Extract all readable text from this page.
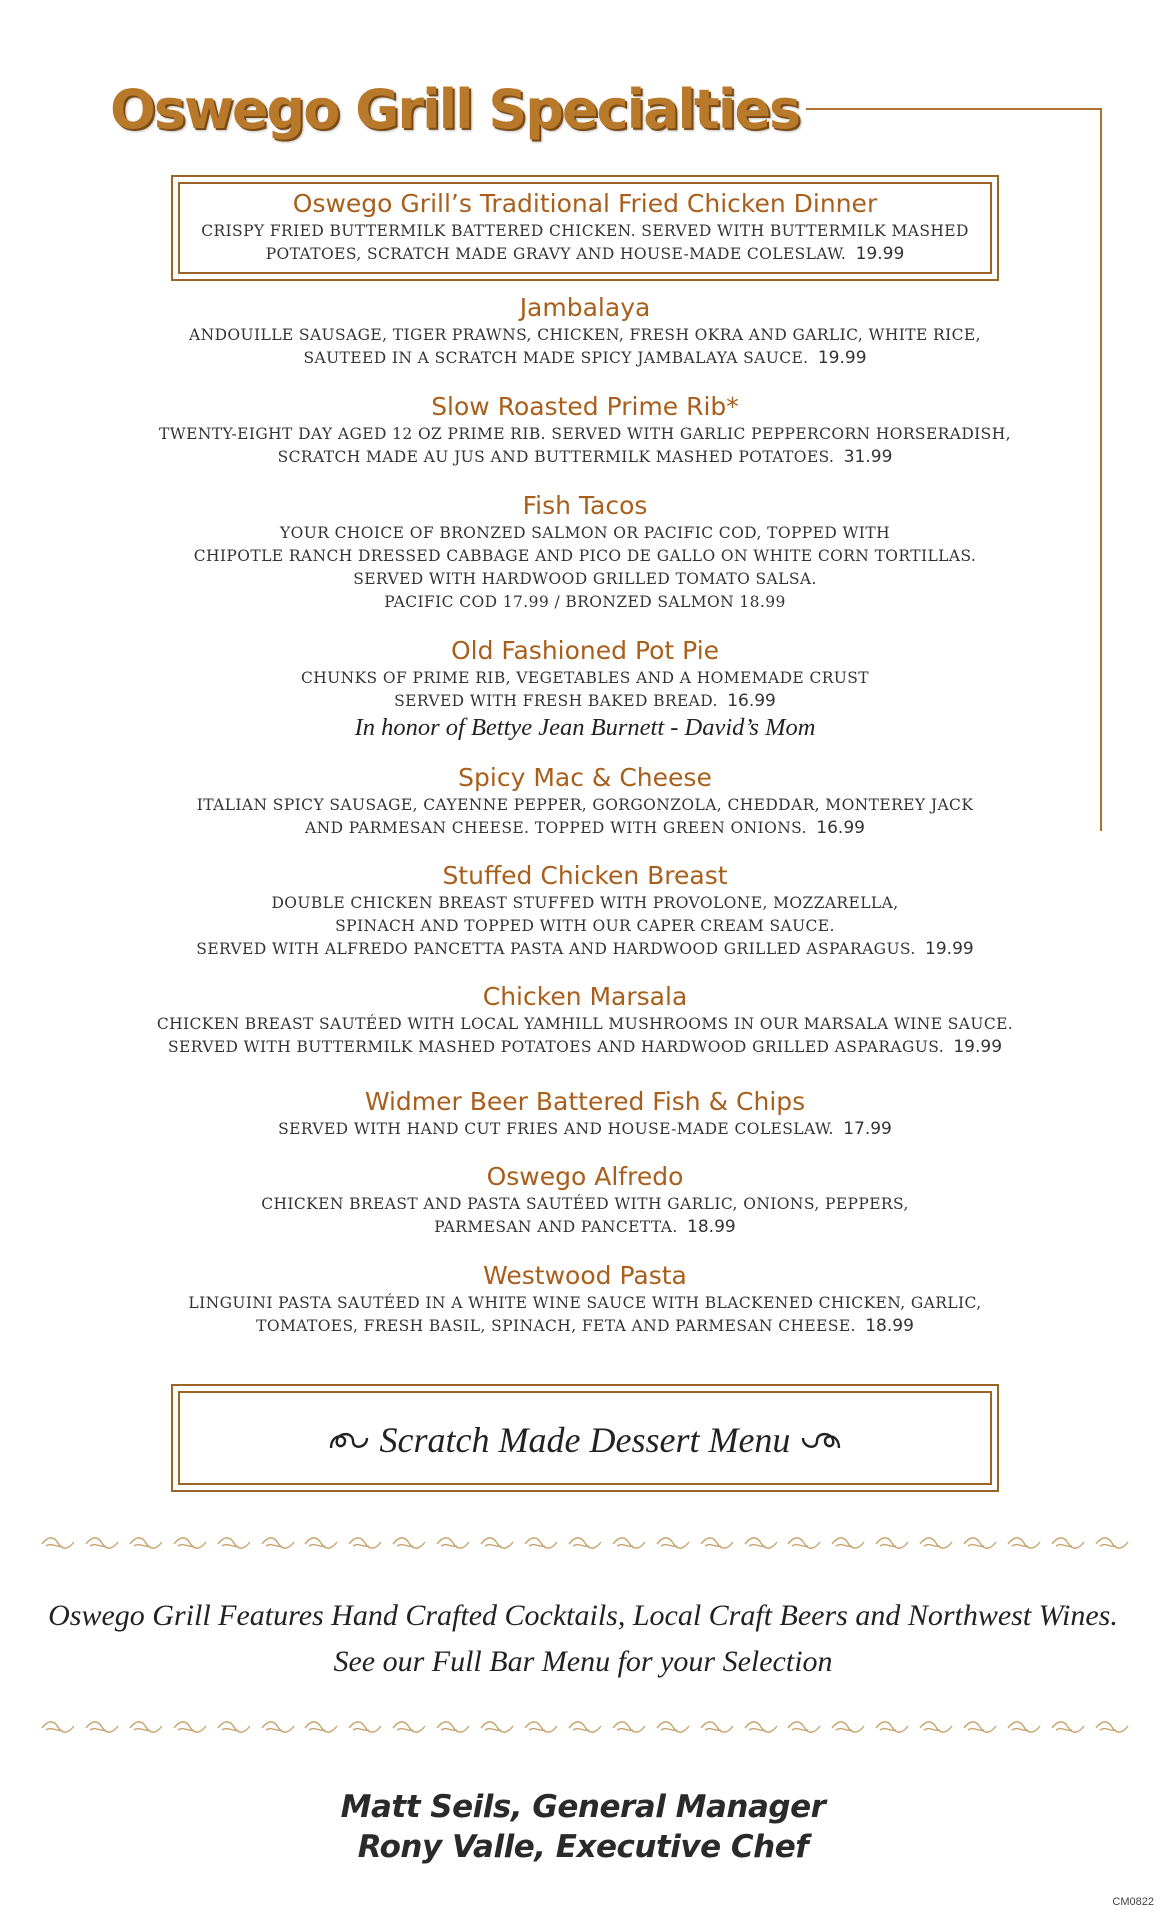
Oswego Grill Specialties
Oswego Grill’s Traditional Fried Chicken Dinner
CRISPY FRIED BUTTERMILK BATTERED CHICKEN. SERVED WITH BUTTERMILK MASHED
POTATOES, SCRATCH MADE GRAVY AND HOUSE-MADE COLESLAW. 19.99
Jambalaya
ANDOUILLE SAUSAGE, TIGER PRAWNS, CHICKEN, FRESH OKRA AND GARLIC, WHITE RICE,
SAUTEED IN A SCRATCH MADE SPICY JAMBALAYA SAUCE. 19.99
Slow Roasted Prime Rib*
TWENTY-EIGHT DAY AGED 12 OZ PRIME RIB. SERVED WITH GARLIC PEPPERCORN HORSERADISH,
SCRATCH MADE AU JUS AND BUTTERMILK MASHED POTATOES. 31.99
Fish Tacos
YOUR CHOICE OF BRONZED SALMON OR PACIFIC COD, TOPPED WITH
CHIPOTLE RANCH DRESSED CABBAGE AND PICO DE GALLO ON WHITE CORN TORTILLAS.
SERVED WITH HARDWOOD GRILLED TOMATO SALSA.
PACIFIC COD 17.99 / BRONZED SALMON 18.99
Old Fashioned Pot Pie
CHUNKS OF PRIME RIB, VEGETABLES AND A HOMEMADE CRUST
SERVED WITH FRESH BAKED BREAD. 16.99
In honor of Bettye Jean Burnett - David’s Mom
Spicy Mac & Cheese
ITALIAN SPICY SAUSAGE, CAYENNE PEPPER, GORGONZOLA, CHEDDAR, MONTEREY JACK
AND PARMESAN CHEESE. TOPPED WITH GREEN ONIONS. 16.99
Stuffed Chicken Breast
DOUBLE CHICKEN BREAST STUFFED WITH PROVOLONE, MOZZARELLA,
SPINACH AND TOPPED WITH OUR CAPER CREAM SAUCE.
SERVED WITH ALFREDO PANCETTA PASTA AND HARDWOOD GRILLED ASPARAGUS. 19.99
Chicken Marsala
CHICKEN BREAST SAUTÉED WITH LOCAL YAMHILL MUSHROOMS IN OUR MARSALA WINE SAUCE.
SERVED WITH BUTTERMILK MASHED POTATOES AND HARDWOOD GRILLED ASPARAGUS. 19.99
Widmer Beer Battered Fish & Chips
SERVED WITH HAND CUT FRIES AND HOUSE-MADE COLESLAW. 17.99
Oswego Alfredo
CHICKEN BREAST AND PASTA SAUTÉED WITH GARLIC, ONIONS, PEPPERS,
PARMESAN AND PANCETTA. 18.99
Westwood Pasta
LINGUINI PASTA SAUTÉED IN A WHITE WINE SAUCE WITH BLACKENED CHICKEN, GARLIC,
TOMATOES, FRESH BASIL, SPINACH, FETA AND PARMESAN CHEESE. 18.99
Scratch Made Dessert Menu
Oswego Grill Features Hand Crafted Cocktails, Local Craft Beers and Northwest Wines.
See our Full Bar Menu for your Selection
Matt Seils, General Manager
Rony Valle, Executive Chef
CM0822
